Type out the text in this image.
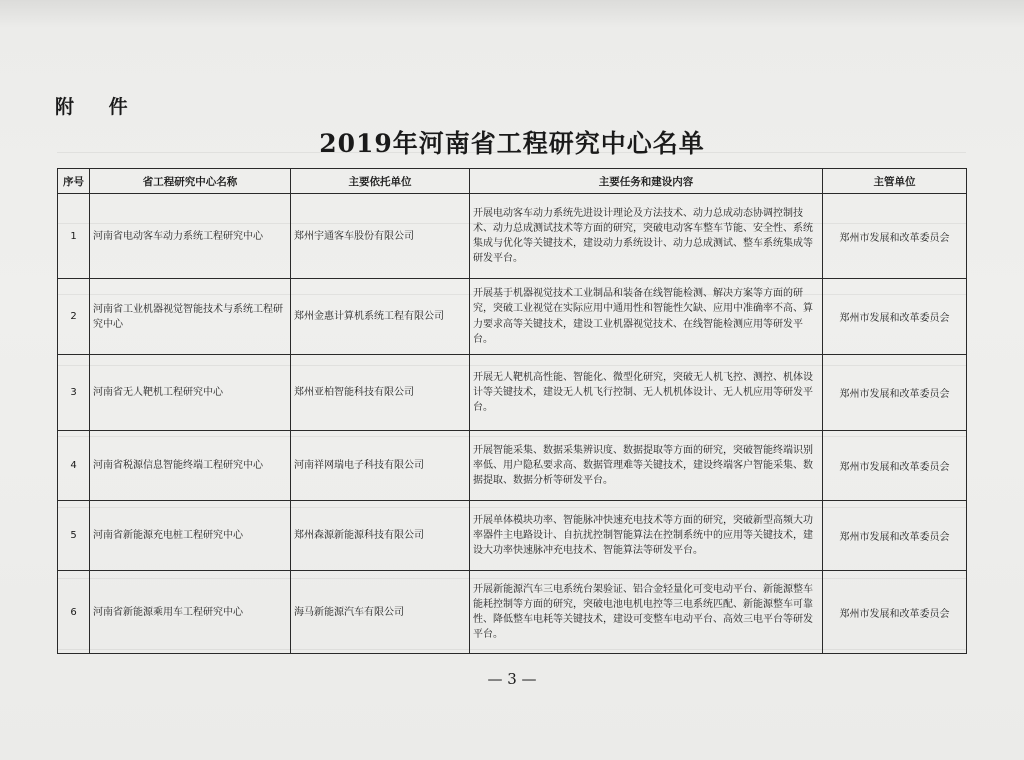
附 件
2019年河南省工程研究中心名单
序号	省工程研究中心名称	主要依托单位	主要任务和建设内容	主管单位
1	河南省电动客车动力系统工程研究中心	郑州宇通客车股份有限公司	开展电动客车动力系统先进设计理论及方法技术、动力总成动态协调控制技术、动力总成测试技术等方面的研究，突破电动客车整车节能、安全性、系统集成与优化等关键技术，建设动力系统设计、动力总成测试、整车系统集成等研发平台。	郑州市发展和改革委员会
2	河南省工业机器视觉智能技术与系统工程研究中心	郑州金惠计算机系统工程有限公司	开展基于机器视觉技术工业制品和装备在线智能检测、解决方案等方面的研究，突破工业视觉在实际应用中通用性和智能性欠缺、应用中准确率不高、算力要求高等关键技术，建设工业机器视觉技术、在线智能检测应用等研发平台。	郑州市发展和改革委员会
3	河南省无人靶机工程研究中心	郑州亚柏智能科技有限公司	开展无人靶机高性能、智能化、微型化研究，突破无人机飞控、测控、机体设计等关键技术，建设无人机飞行控制、无人机机体设计、无人机应用等研发平台。	郑州市发展和改革委员会
4	河南省税源信息智能终端工程研究中心	河南祥网瑞电子科技有限公司	开展智能采集、数据采集辨识度、数据提取等方面的研究，突破智能终端识别率低、用户隐私要求高、数据管理难等关键技术，建设终端客户智能采集、数据提取、数据分析等研发平台。	郑州市发展和改革委员会
5	河南省新能源充电桩工程研究中心	郑州森源新能源科技有限公司	开展单体模块功率、智能脉冲快速充电技术等方面的研究，突破新型高频大功率器件主电路设计、自抗扰控制智能算法在控制系统中的应用等关键技术，建设大功率快速脉冲充电技术、智能算法等研发平台。	郑州市发展和改革委员会
6	河南省新能源乘用车工程研究中心	海马新能源汽车有限公司	开展新能源汽车三电系统台架验证、铝合金轻量化可变电动平台、新能源整车能耗控制等方面的研究，突破电池电机电控等三电系统匹配、新能源整车可靠性、降低整车电耗等关键技术，建设可变整车电动平台、高效三电平台等研发平台。	郑州市发展和改革委员会
— 3 —
